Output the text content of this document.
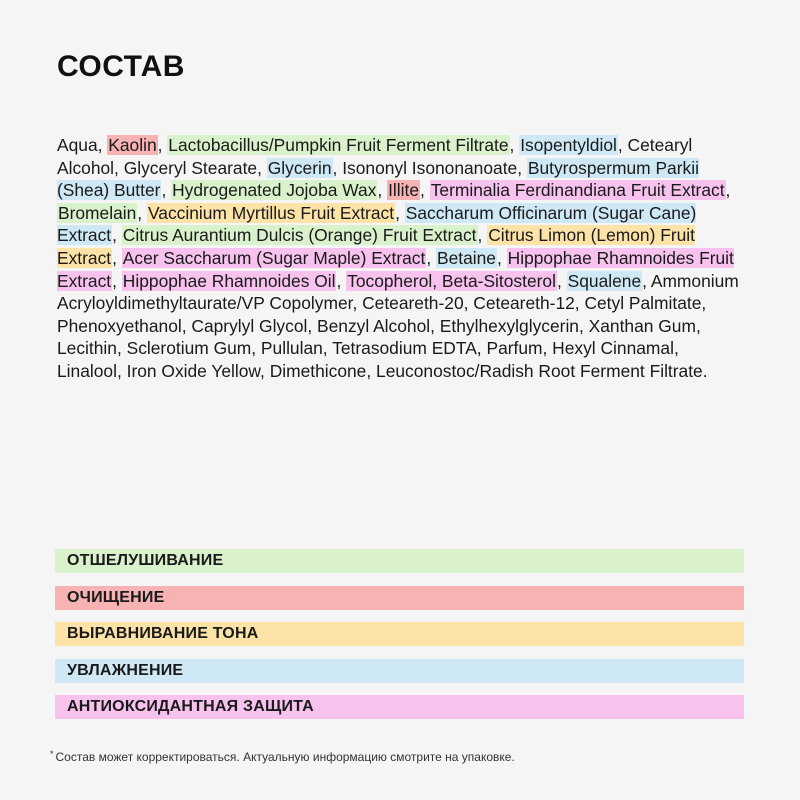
СОСТАВ

Aqua, Kaolin, Lactobacillus/Pumpkin Fruit Ferment Filtrate, Isopentyldiol, Cetearyl Alcohol, Glyceryl Stearate, Glycerin, Isononyl Isononanoate, Butyrospermum Parkii (Shea) Butter, Hydrogenated Jojoba Wax, Illite, Terminalia Ferdinandiana Fruit Extract, Bromelain, Vaccinium Myrtillus Fruit Extract, Saccharum Officinarum (Sugar Cane) Extract, Citrus Aurantium Dulcis (Orange) Fruit Extract, Citrus Limon (Lemon) Fruit Extract, Acer Saccharum (Sugar Maple) Extract, Betaine, Hippophae Rhamnoides Fruit Extract, Hippophae Rhamnoides Oil, Tocopherol, Beta-Sitosterol, Squalene, Ammonium Acryloyldimethyltaurate/VP Copolymer, Ceteareth-20, Ceteareth-12, Cetyl Palmitate, Phenoxyethanol, Caprylyl Glycol, Benzyl Alcohol, Ethylhexylglycerin, Xanthan Gum, Lecithin, Sclerotium Gum, Pullulan, Tetrasodium EDTA, Parfum, Hexyl Cinnamal, Linalool, Iron Oxide Yellow, Dimethicone, Leuconostoc/Radish Root Ferment Filtrate.

ОТШЕЛУШИВАНИЕ
ОЧИЩЕНИЕ
ВЫРАВНИВАНИЕ ТОНА
УВЛАЖНЕНИЕ
АНТИОКСИДАНТНАЯ ЗАЩИТА

* Состав может корректироваться. Актуальную информацию смотрите на упаковке.
